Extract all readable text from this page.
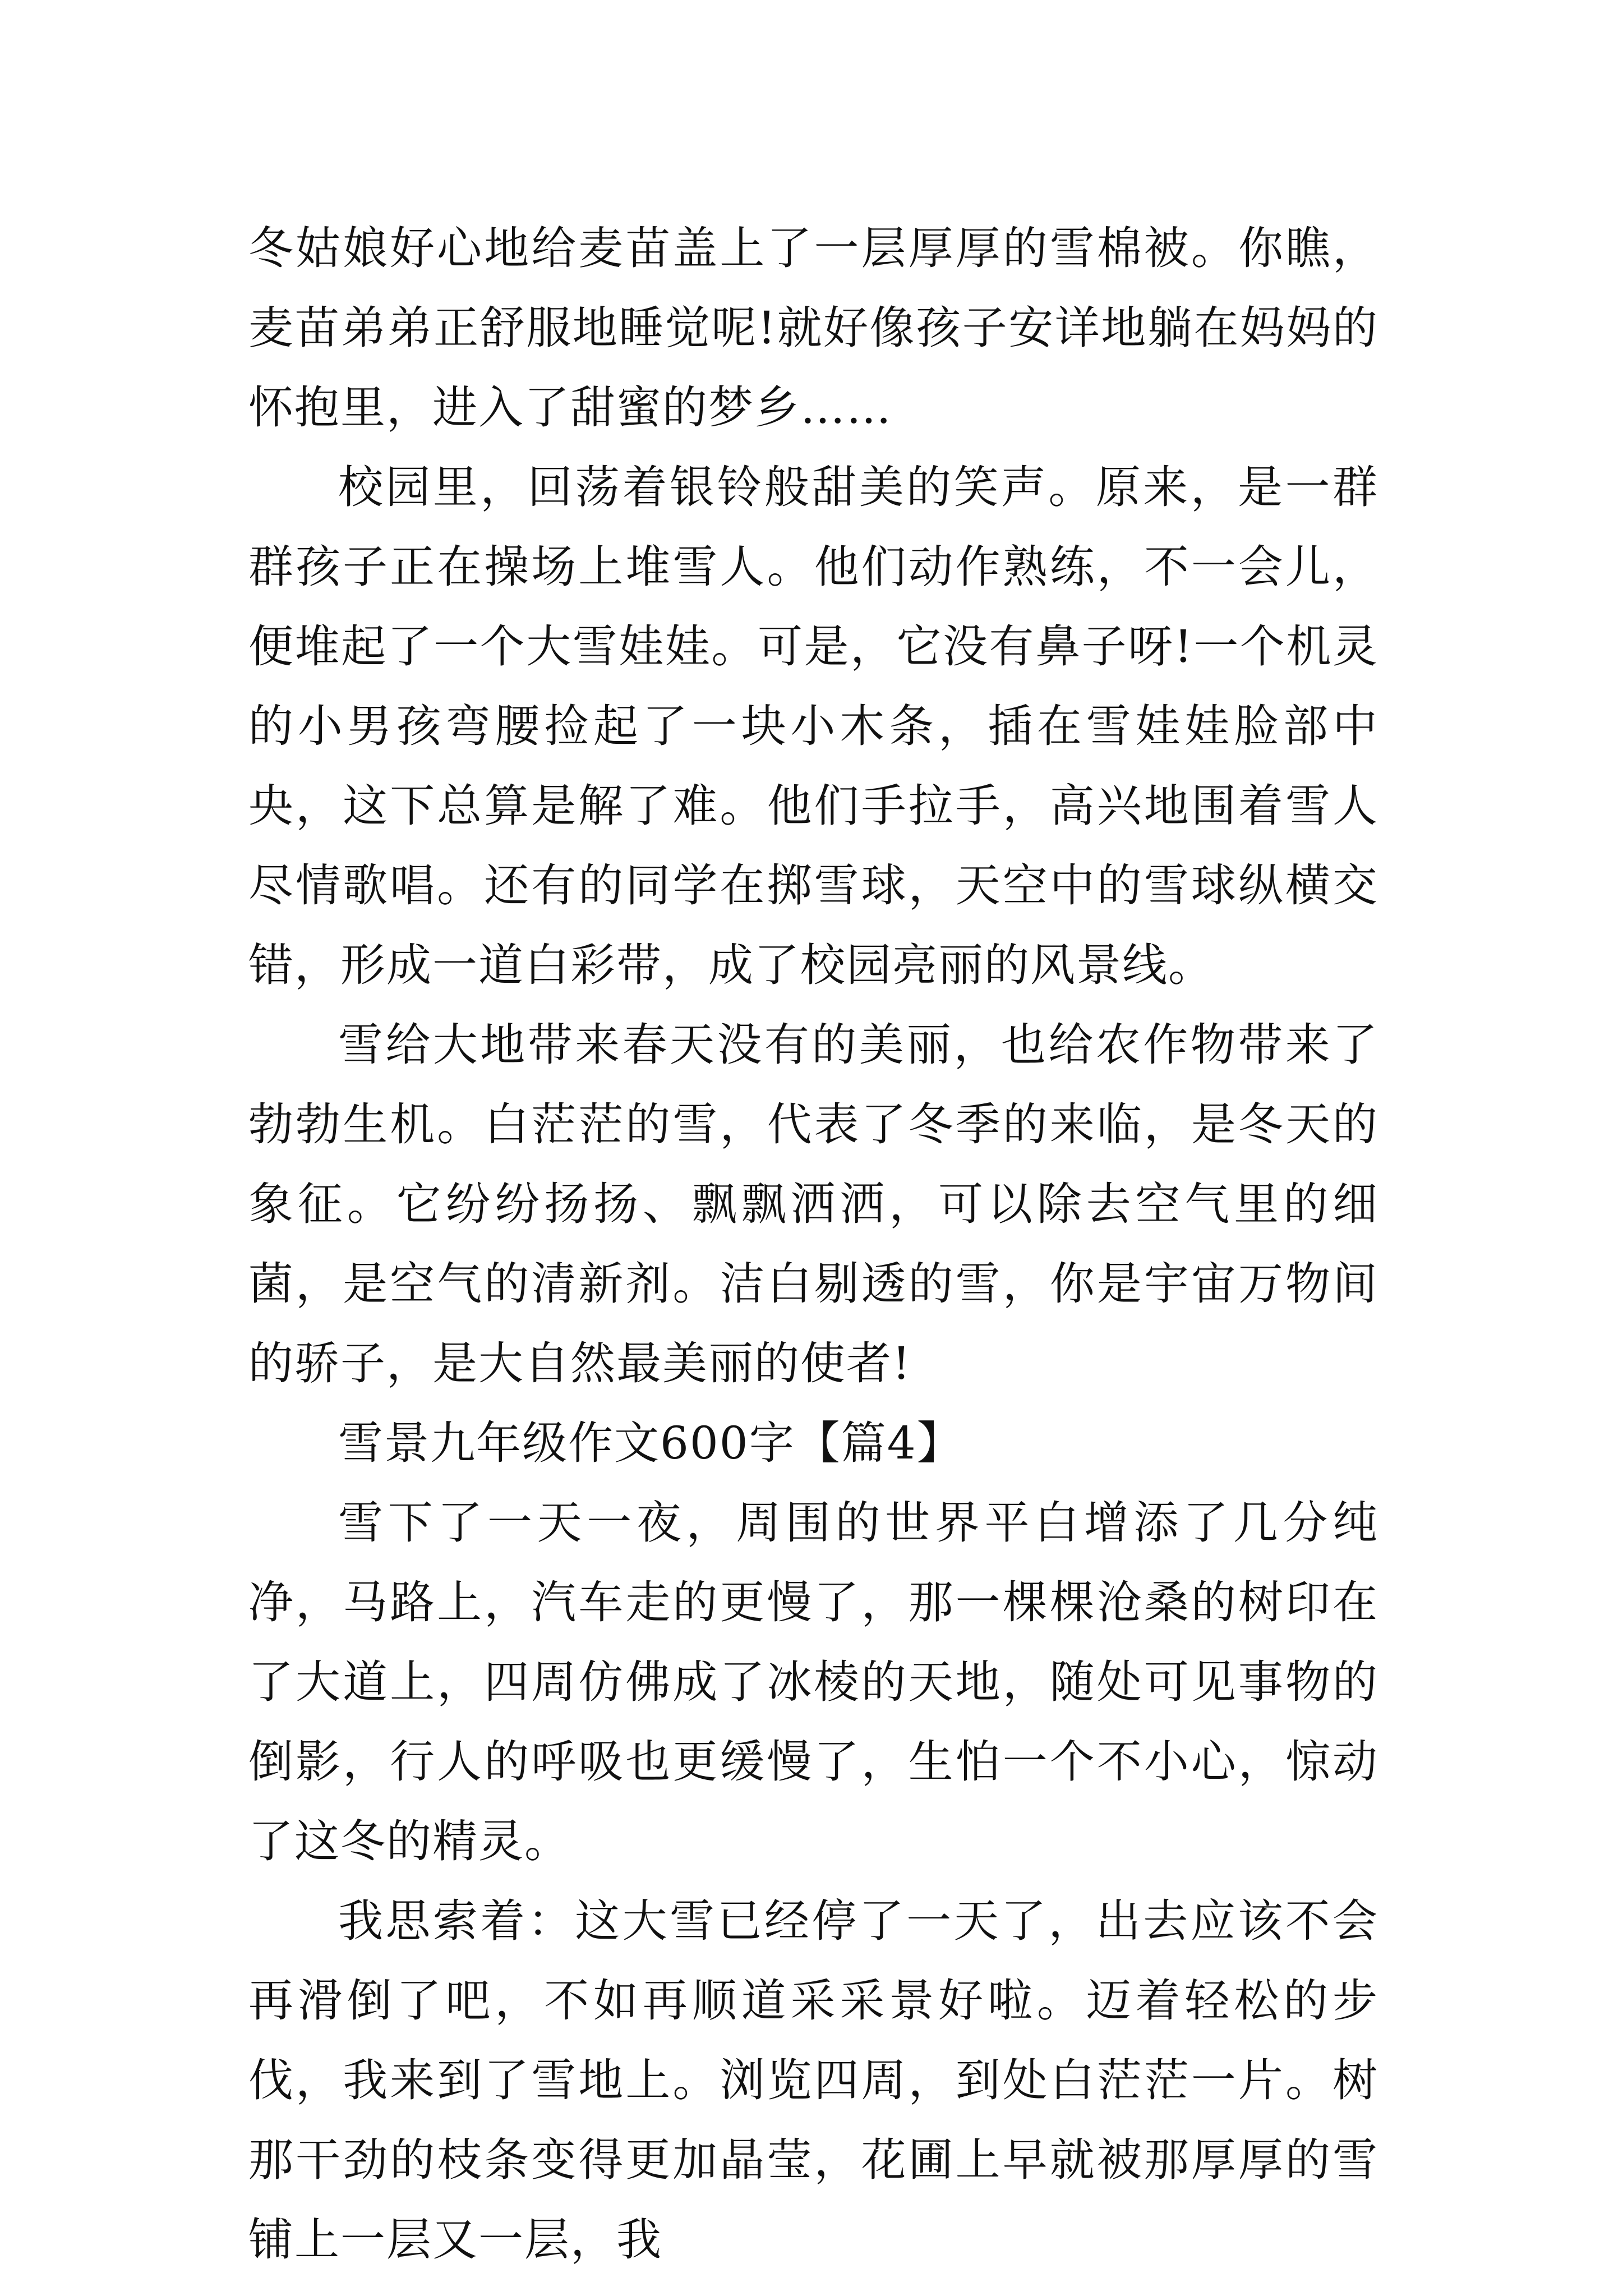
冬姑娘好心地给麦苗盖上了一层厚厚的雪棉被。你瞧，麦苗弟弟正舒服地睡觉呢!就好像孩子安详地躺在妈妈的怀抱里，进入了甜蜜的梦乡……

校园里，回荡着银铃般甜美的笑声。原来，是一群群孩子正在操场上堆雪人。他们动作熟练，不一会儿，便堆起了一个大雪娃娃。可是，它没有鼻子呀!一个机灵的小男孩弯腰捡起了一块小木条，插在雪娃娃脸部中央，这下总算是解了难。他们手拉手，高兴地围着雪人尽情歌唱。还有的同学在掷雪球，天空中的雪球纵横交错，形成一道白彩带，成了校园亮丽的风景线。

雪给大地带来春天没有的美丽，也给农作物带来了勃勃生机。白茫茫的雪，代表了冬季的来临，是冬天的象征。它纷纷扬扬、飘飘洒洒，可以除去空气里的细菌，是空气的清新剂。洁白剔透的雪，你是宇宙万物间的骄子，是大自然最美丽的使者!

雪景九年级作文600字【篇4】

雪下了一天一夜，周围的世界平白增添了几分纯净，马路上，汽车走的更慢了，那一棵棵沧桑的树印在了大道上，四周仿佛成了冰棱的天地，随处可见事物的倒影，行人的呼吸也更缓慢了，生怕一个不小心，惊动了这冬的精灵。

我思索着：这大雪已经停了一天了，出去应该不会再滑倒了吧，不如再顺道采采景好啦。迈着轻松的步伐，我来到了雪地上。浏览四周，到处白茫茫一片。树那干劲的枝条变得更加晶莹，花圃上早就被那厚厚的雪铺上一层又一层，我
